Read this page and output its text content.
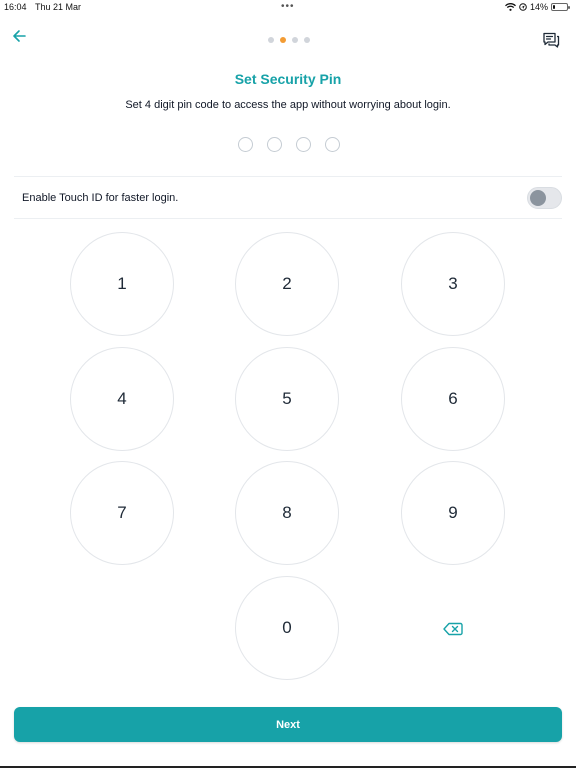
16:04 Thu 21 Mar	•••	14%
Set Security Pin
Set 4 digit pin code to access the app without worrying about login.
Enable Touch ID for faster login.
1	2	3
4	5	6
7	8	9
0
Next
